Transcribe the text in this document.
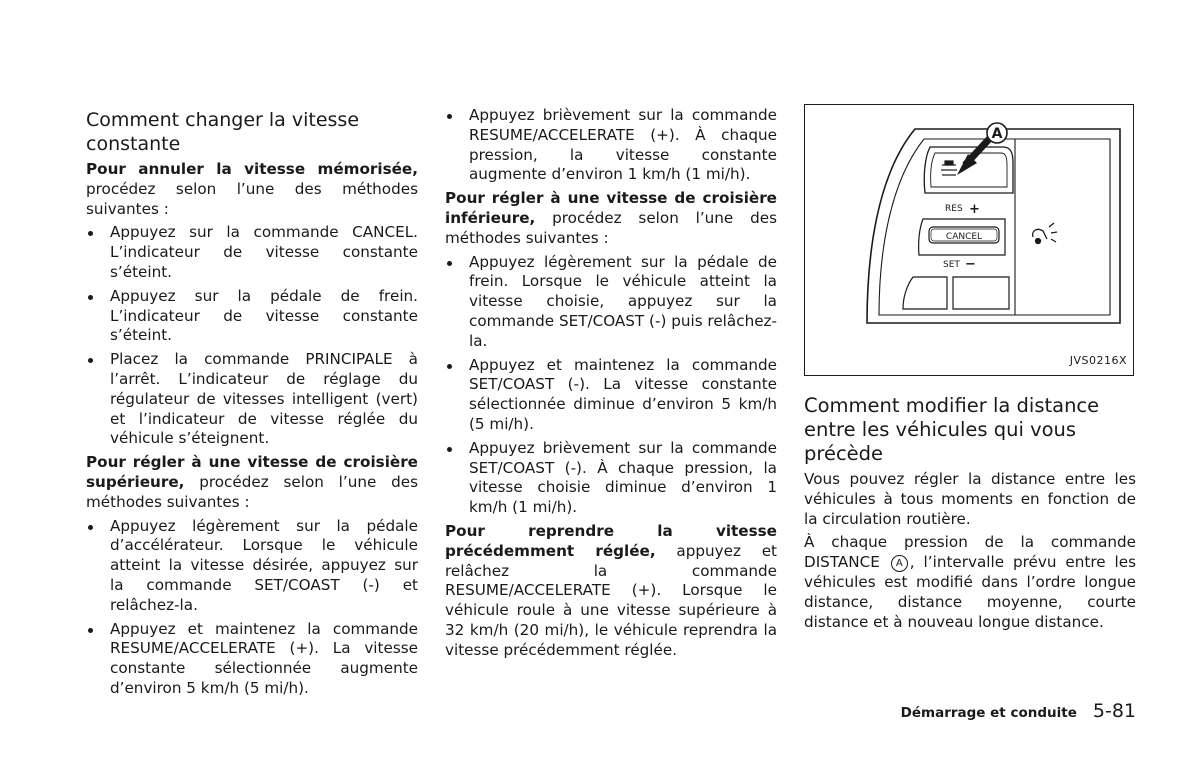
Comment changer la vitesse constante

Pour annuler la vitesse mémorisée, procédez selon l’une des méthodes suivantes :

Appuyez sur la commande CANCEL. L’indicateur de vitesse constante s’éteint.
Appuyez sur la pédale de frein. L’indicateur de vitesse constante s’éteint.
Placez la commande PRINCIPALE à l’arrêt. L’indicateur de réglage du régulateur de vitesses intelligent (vert) et l’indicateur de vitesse réglée du véhicule s’éteignent.

Pour régler à une vitesse de croisière supérieure, procédez selon l’une des méthodes suivantes :

Appuyez légèrement sur la pédale d’accélérateur. Lorsque le véhicule atteint la vitesse désirée, appuyez sur la commande SET/COAST (-) et relâchez-la.
Appuyez et maintenez la commande RESUME/ACCELERATE (+). La vitesse constante sélectionnée augmente d’environ 5 km/h (5 mi/h).
Appuyez brièvement sur la commande RESUME/ACCELERATE (+). À chaque pression, la vitesse constante augmente d’environ 1 km/h (1 mi/h).

Pour régler à une vitesse de croisière inférieure, procédez selon l’une des méthodes suivantes :

Appuyez légèrement sur la pédale de frein. Lorsque le véhicule atteint la vitesse choisie, appuyez sur la commande SET/COAST (-) puis relâchez-la.
Appuyez et maintenez la commande SET/COAST (-). La vitesse constante sélectionnée diminue d’environ 5 km/h (5 mi/h).
Appuyez brièvement sur la commande SET/COAST (-). À chaque pression, la vitesse choisie diminue d’environ 1 km/h (1 mi/h).

Pour reprendre la vitesse précédemment réglée, appuyez et relâchez la commande RESUME/ACCELERATE (+). Lorsque le véhicule roule à une vitesse supérieure à 32 km/h (20 mi/h), le véhicule reprendra la vitesse précédemment réglée.

A
RES +
CANCEL
SET −
JVS0216X
Comment modifier la distance entre les véhicules qui vous précède

Vous pouvez régler la distance entre les véhicules à tous moments en fonction de la circulation routière.

À chaque pression de la commande DISTANCE A , l’intervalle prévu entre les véhicules est modifié dans l’ordre longue distance, distance moyenne, courte distance et à nouveau longue distance.

Démarrage et conduite 5-81
